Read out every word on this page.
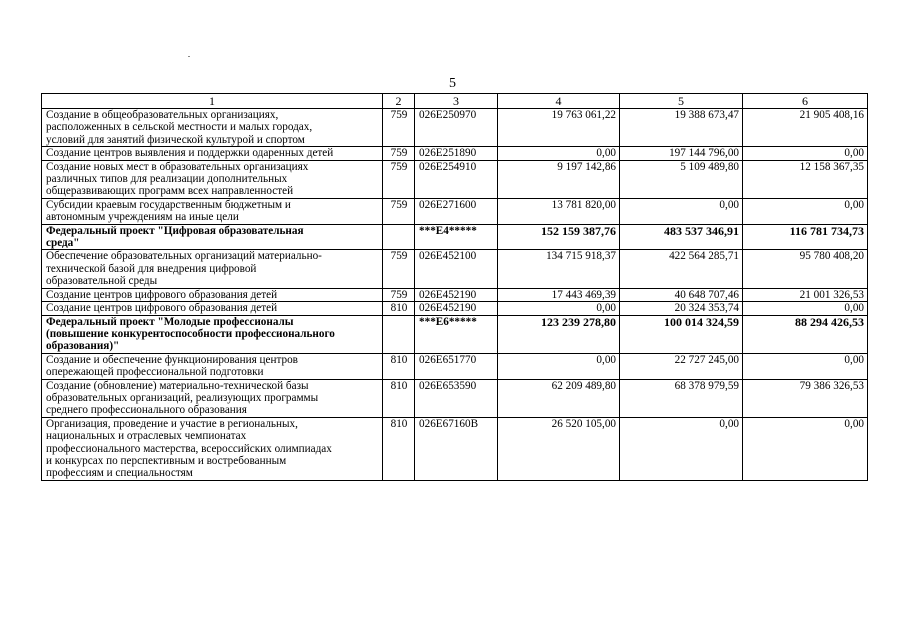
5
1	2	3	4	5	6

Создание в общеобразовательных организациях,
расположенных в сельской местности и малых городах,
условий для занятий физической культурой и спортом	759	026E250970	19 763 061,22	19 388 673,47	21 905 408,16

Создание центров выявления и поддержки одаренных детей	759	026E251890	0,00	197 144 796,00	0,00

Создание новых мест в образовательных организациях
различных типов для реализации дополнительных
общеразвивающих программ всех направленностей	759	026E254910	9 197 142,86	5 109 489,80	12 158 367,35

Субсидии краевым государственным бюджетным и
автономным учреждениям на иные цели	759	026E271600	13 781 820,00	0,00	0,00

Федеральный проект "Цифровая образовательная
среда"		***E4*****	152 159 387,76	483 537 346,91	116 781 734,73

Обеспечение образовательных организаций материально-
технической базой для внедрения цифровой
образовательной среды	759	026E452100	134 715 918,37	422 564 285,71	95 780 408,20

Создание центров цифрового образования детей	759	026E452190	17 443 469,39	40 648 707,46	21 001 326,53

Создание центров цифрового образования детей	810	026E452190	0,00	20 324 353,74	0,00

Федеральный проект "Молодые профессионалы
(повышение конкурентоспособности профессионального
образования)"		***E6*****	123 239 278,80	100 014 324,59	88 294 426,53

Создание и обеспечение функционирования центров
опережающей профессиональной подготовки	810	026E651770	0,00	22 727 245,00	0,00

Создание (обновление) материально-технической базы
образовательных организаций, реализующих программы
среднего профессионального образования	810	026E653590	62 209 489,80	68 378 979,59	79 386 326,53

Организация, проведение и участие в региональных,
национальных и отраслевых чемпионатах
профессионального мастерства, всероссийских олимпиадах
и конкурсах по перспективным и востребованным
профессиям и специальностям	810	026E67160B	26 520 105,00	0,00	0,00
